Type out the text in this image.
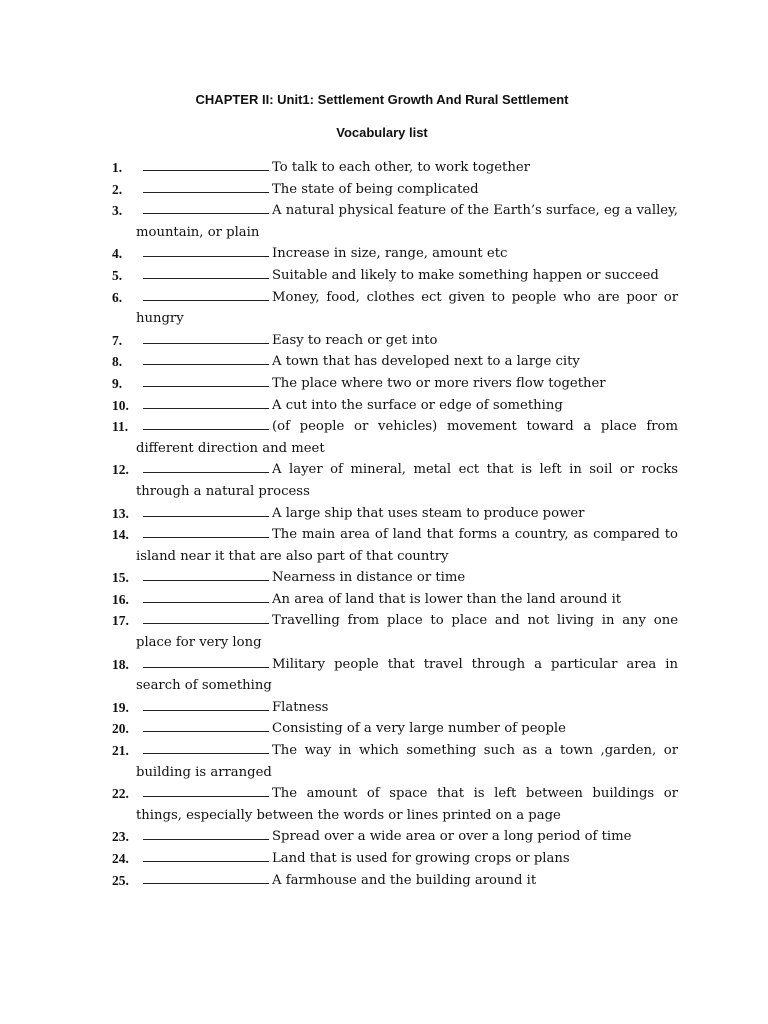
CHAPTER II: Unit1: Settlement Growth And Rural Settlement
Vocabulary list
1.	To talk to each other, to work together
2.	The state of being complicated
3.	A natural physical feature of the Earth’s surface, eg a valley, mountain, or plain
4.	Increase in size, range, amount etc
5.	Suitable and likely to make something happen or succeed
6.	Money, food, clothes ect given to people who are poor or hungry
7.	Easy to reach or get into
8.	A town that has developed next to a large city
9.	The place where two or more rivers flow together
10.	A cut into the surface or edge of something
11.	(of people or vehicles) movement toward a place from different direction and meet
12.	A layer of mineral, metal ect that is left in soil or rocks through a natural process
13.	A large ship that uses steam to produce power
14.	The main area of land that forms a country, as compared to island near it that are also part of that country
15.	Nearness in distance or time
16.	An area of land that is lower than the land around it
17.	Travelling from place to place and not living in any one place for very long
18.	Military people that travel through a particular area in search of something
19.	Flatness
20.	Consisting of a very large number of people
21.	The way in which something such as a town ,garden, or building is arranged
22.	The amount of space that is left between buildings or things, especially between the words or lines printed on a page
23.	Spread over a wide area or over a long period of time
24.	Land that is used for growing crops or plans
25.	A farmhouse and the building around it
